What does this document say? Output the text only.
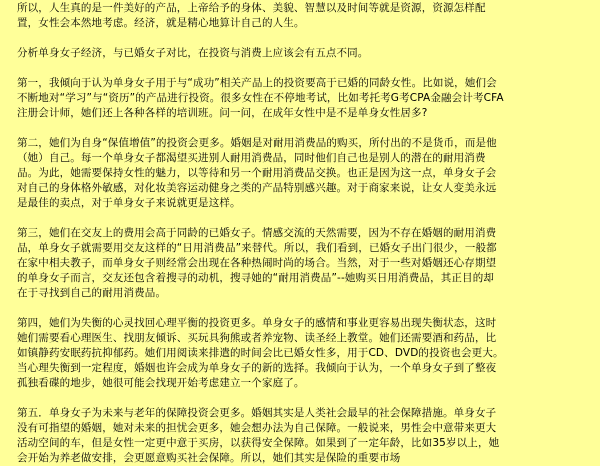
所以，人生真的是一件美好的产品，上帝给予的身体、美貌、智慧以及时间等就是资源，资源怎样配
置，女性会本然地考虑。经济，就是精心地算计自己的人生。

分析单身女子经济，与已婚女子对比，在投资与消费上应该会有五点不同。

第一，我倾向于认为单身女子用于与“成功”相关产品上的投资要高于已婚的同龄女性。比如说，她们会
不断地对“学习”与“资历”的产品进行投资。很多女性在不停地考试，比如考托考G考CPA金融会计考CFA
注册会计师，她们还上各种各样的培训班。问一问，在成年女性中是不是单身女性居多?

第二，她们为自身“保值增值”的投资会更多。婚姻是对耐用消费品的购买，所付出的不是货币，而是他
（她）自己。每一个单身女子都渴望买进别人耐用消费品，同时他们自己也是别人的潜在的耐用消费
品。为此，她需要保持女性的魅力，以等待和另一个耐用消费品交换。也正是因为这一点，单身女子会
对自己的身体格外敏感，对化妆美容运动健身之类的产品特别感兴趣。对于商家来说，让女人变美永远
是最佳的卖点，对于单身女子来说就更是这样。

第三，她们在交友上的费用会高于同龄的已婚女子。情感交流的天然需要，因为不存在婚姻的耐用消费
品，单身女子就需要用交友这样的“日用消费品”来替代。所以，我们看到，已婚女子出门很少，一般都
在家中相夫教子，而单身女子则经常会出现在各种热闹时尚的场合。当然，对于一些对婚姻还心存期望
的单身女子而言，交友还包含着搜寻的动机，搜寻她的“耐用消费品”--她购买日用消费品，其正目的却
在于寻找到自己的耐用消费品。

第四，她们为失衡的心灵找回心理平衡的投资更多。单身女子的感情和事业更容易出现失衡状态，这时
她们需要看心理医生、找朋友倾诉、买玩具狗熊或者养宠物、读圣经上教堂。她们还需要酒和药品，比
如镇静药安眠药抗抑郁药。她们用阅读来排遣的时间会比已婚女性多，用于CD、DVD的投资也会更大。
当心理失衡到一定程度，婚姻也许会成为单身女子的新的选择。我倾向于认为，一个单身女子到了整夜
孤独看碟的地步，她很可能会找现开始考虑建立一个家庭了。

第五．单身女子为未来与老年的保障投资会更多。婚姻其实是人类社会最早的社会保障措施。单身女子
没有可指望的婚姻，她对未来的担忧会更多，她会想办法为自己保障。一般说来，男性会中意带来更大
活动空间的车，但是女性一定更中意于买房，以获得安全保障。如果到了一定年龄，比如35岁以上，她
会开始为养老做安排，会更愿意购买社会保障。所以，她们其实是保险的重要市场
